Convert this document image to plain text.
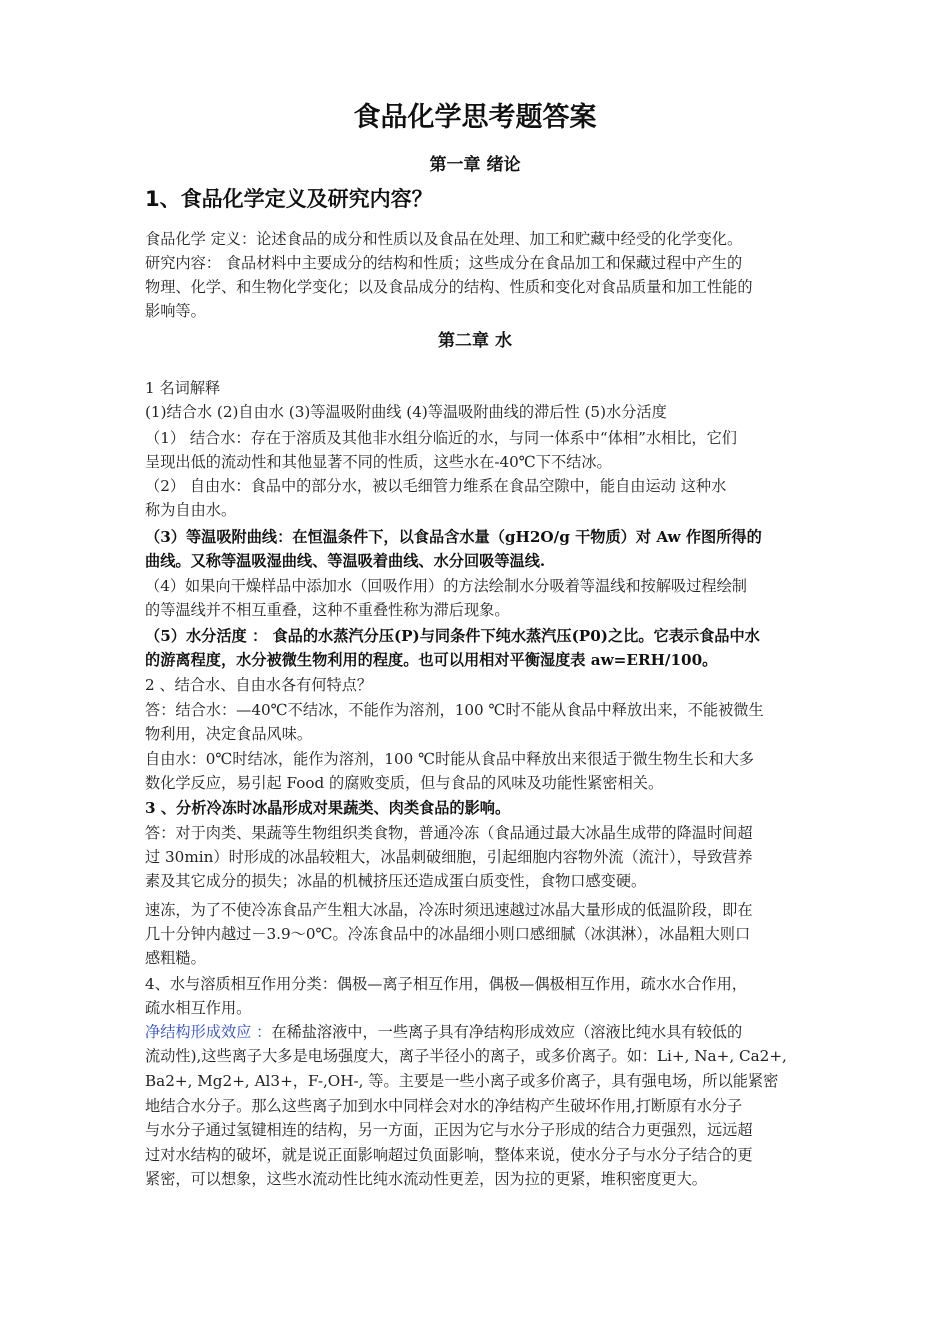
食品化学思考题答案
第一章 绪论
1、食品化学定义及研究内容？
食品化学 定义：论述食品的成分和性质以及食品在处理、加工和贮藏中经受的化学变化。
研究内容： 食品材料中主要成分的结构和性质；这些成分在食品加工和保藏过程中产生的
物理、化学、和生物化学变化；以及食品成分的结构、性质和变化对食品质量和加工性能的
影响等。
第二章 水
1 名词解释
(1)结合水 (2)自由水 (3)等温吸附曲线 (4)等温吸附曲线的滞后性 (5)水分活度
（1） 结合水：存在于溶质及其他非水组分临近的水，与同一体系中“体相”水相比，它们
呈现出低的流动性和其他显著不同的性质，这些水在-40℃下不结冰。
（2） 自由水：食品中的部分水，被以毛细管力维系在食品空隙中，能自由运动 这种水
称为自由水。
（3）等温吸附曲线：在恒温条件下，以食品含水量（gH2O/g 干物质）对 Aw 作图所得的
曲线。又称等温吸湿曲线、等温吸着曲线、水分回吸等温线.
（4）如果向干燥样品中添加水（回吸作用）的方法绘制水分吸着等温线和按解吸过程绘制
的等温线并不相互重叠，这种不重叠性称为滞后现象。
（5）水分活度 ： 食品的水蒸汽分压(P)与同条件下纯水蒸汽压(P0)之比。它表示食品中水
的游离程度，水分被微生物利用的程度。也可以用相对平衡湿度表 aw=ERH/100。
2 、结合水、自由水各有何特点？
答：结合水：—40℃不结冰，不能作为溶剂，100 ℃时不能从食品中释放出来，不能被微生
物利用，决定食品风味。
自由水：0℃时结冰，能作为溶剂，100 ℃时能从食品中释放出来很适于微生物生长和大多
数化学反应，易引起 Food 的腐败变质，但与食品的风味及功能性紧密相关。
3 、分析冷冻时冰晶形成对果蔬类、肉类食品的影响。
答：对于肉类、果蔬等生物组织类食物，普通冷冻（食品通过最大冰晶生成带的降温时间超
过 30min）时形成的冰晶较粗大，冰晶刺破细胞，引起细胞内容物外流（流汁），导致营养
素及其它成分的损失；冰晶的机械挤压还造成蛋白质变性，食物口感变硬。
速冻，为了不使冷冻食品产生粗大冰晶，冷冻时须迅速越过冰晶大量形成的低温阶段，即在
几十分钟内越过－3.9～0℃。冷冻食品中的冰晶细小则口感细腻（冰淇淋），冰晶粗大则口
感粗糙。
4、水与溶质相互作用分类：偶极—离子相互作用，偶极—偶极相互作用，疏水水合作用，
疏水相互作用。
净结构形成效应 ：在稀盐溶液中，一些离子具有净结构形成效应（溶液比纯水具有较低的
流动性),这些离子大多是电场强度大，离子半径小的离子，或多价离子。如：Li+, Na+, Ca2+,
Ba2+, Mg2+, Al3+，F-,OH-, 等。主要是一些小离子或多价离子，具有强电场，所以能紧密
地结合水分子。那么这些离子加到水中同样会对水的净结构产生破坏作用,打断原有水分子
与水分子通过氢键相连的结构，另一方面，正因为它与水分子形成的结合力更强烈，远远超
过对水结构的破坏，就是说正面影响超过负面影响，整体来说，使水分子与水分子结合的更
紧密，可以想象，这些水流动性比纯水流动性更差，因为拉的更紧，堆积密度更大。
